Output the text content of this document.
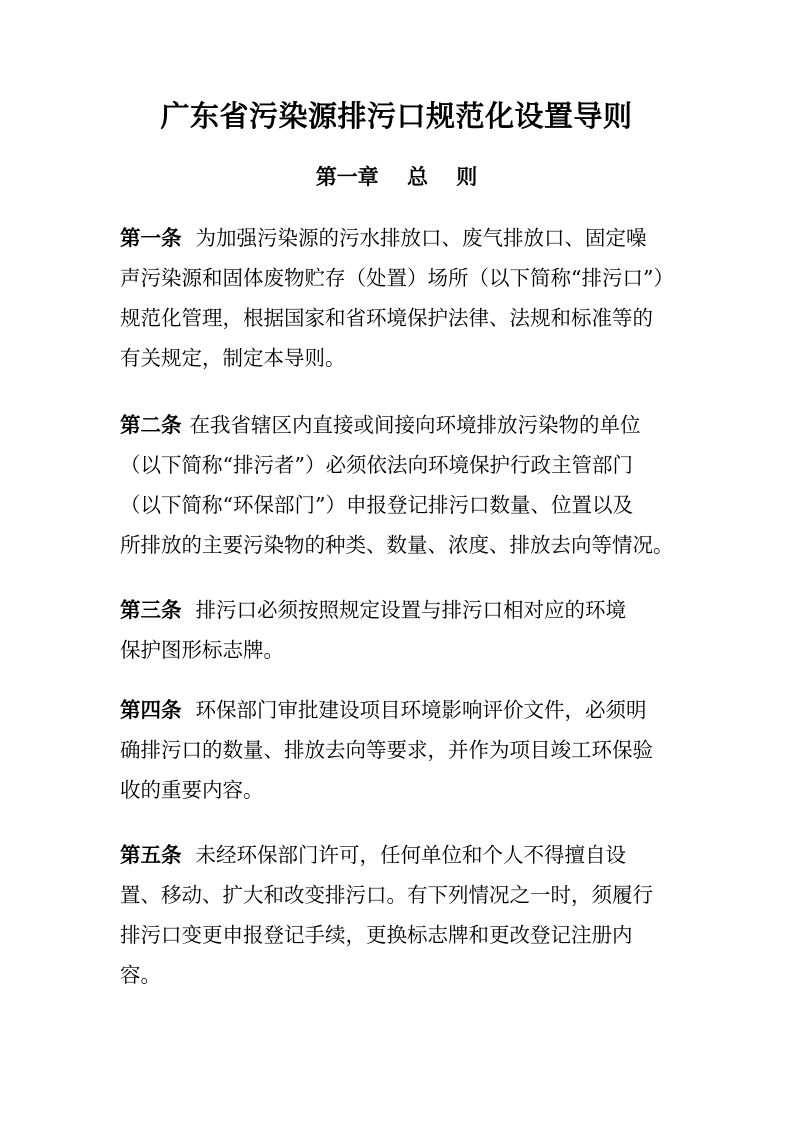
广东省污染源排污口规范化设置导则
第一章　 总　 则
第一条 为加强污染源的污水排放口、废气排放口、固定噪
声污染源和固体废物贮存（处置）场所（以下简称“排污口”）
规范化管理，根据国家和省环境保护法律、法规和标准等的
有关规定，制定本导则。
第二条 在我省辖区内直接或间接向环境排放污染物的单位
（以下简称“排污者”）必须依法向环境保护行政主管部门
（以下简称“环保部门”）申报登记排污口数量、位置以及
所排放的主要污染物的种类、数量、浓度、排放去向等情况。
第三条 排污口必须按照规定设置与排污口相对应的环境
保护图形标志牌。
第四条 环保部门审批建设项目环境影响评价文件，必须明
确排污口的数量、排放去向等要求，并作为项目竣工环保验
收的重要内容。
第五条 未经环保部门许可，任何单位和个人不得擅自设
置、移动、扩大和改变排污口。有下列情况之一时，须履行
排污口变更申报登记手续，更换标志牌和更改登记注册内
容。
